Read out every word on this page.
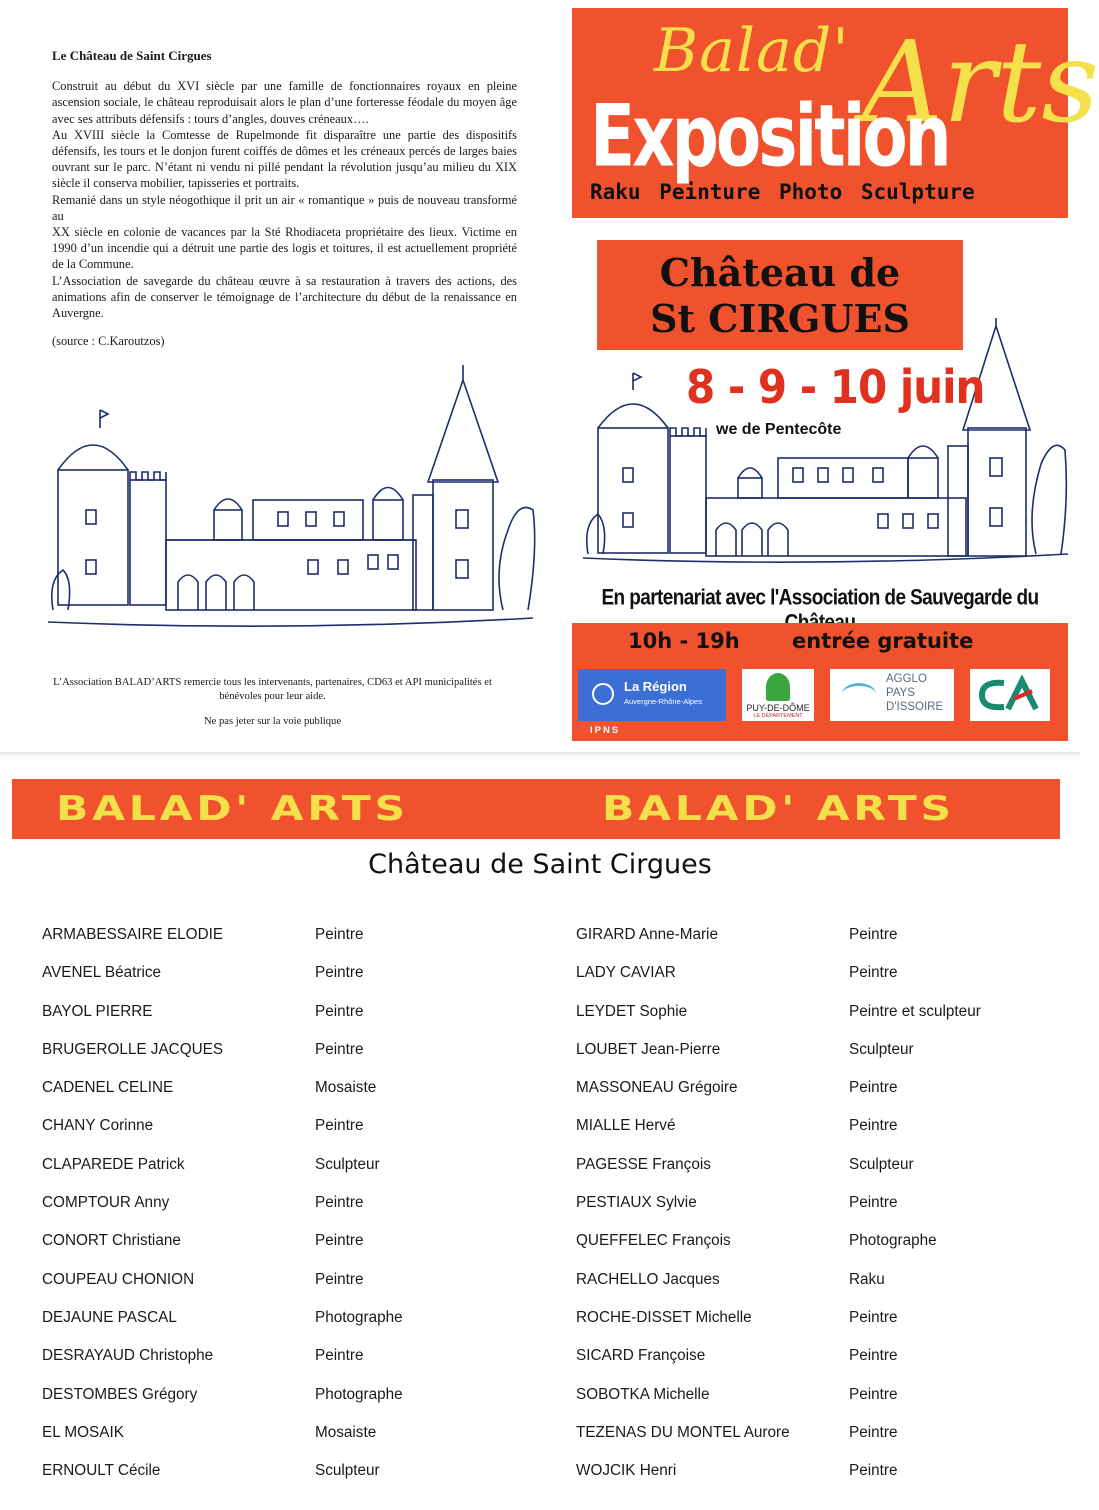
Le Château de Saint Cirgues

Construit au début du XVI siècle par une famille de fonctionnaires royaux en pleine ascension sociale, le château reproduisait alors le plan d’une forteresse féodale du moyen âge avec ses attributs défensifs : tours d’angles, douves créneaux….

Au XVIII siècle la Comtesse de Rupelmonde fit disparaître une partie des dispositifs défensifs, les tours et le donjon furent coiffés de dômes et les créneaux percés de larges baies ouvrant sur le parc. N’étant ni vendu ni pillé pendant la révolution jusqu’au milieu du XIX siècle il conserva mobilier, tapisseries et portraits.

Remanié dans un style néogothique il prit un air « romantique » puis de nouveau transformé au

XX siècle en colonie de vacances par la Sté Rhodiaceta propriétaire des lieux. Victime en 1990 d’un incendie qui a détruit une partie des logis et toitures, il est actuellement propriété de la Commune.

L’Association de savegarde du château œuvre à sa restauration à travers des actions, des animations afin de conserver le témoignage de l’architecture du début de la renaissance en Auvergne.

(source : C.Karoutzos)
L’Association BALAD’ARTS remercie tous les intervenants, partenaires, CD63 et API municipalités et bénévoles pour leur aide.
Ne pas jeter sur la voie publique
Balad' Arts
Exposition
Raku Peinture Photo Sculpture
Château de
St CIRGUES
8 - 9 - 10 juin
we de Pentecôte
En partenariat avec l'Association de Sauvegarde du
10h - 19h entrée gratuite
La Région
Auvergne-Rhône-Alpes
PUY-DE-DÔME
LE DÉPARTEMENT
AGGLO
PAYS
D'ISSOIRE
IPNS
BALAD' ARTS	BALAD' ARTS
Château de Saint Cirgues
ARMABESSAIRE ELODIE	Peintre
AVENEL Béatrice	Peintre
BAYOL PIERRE	Peintre
BRUGEROLLE JACQUES	Peintre
CADENEL CELINE	Mosaiste
CHANY Corinne	Peintre
CLAPAREDE Patrick	Sculpteur
COMPTOUR Anny	Peintre
CONORT Christiane	Peintre
COUPEAU CHONION	Peintre
DEJAUNE PASCAL	Photographe
DESRAYAUD Christophe	Peintre
DESTOMBES Grégory	Photographe
EL MOSAIK	Mosaiste
ERNOULT Cécile	Sculpteur
GIRARD Anne-Marie	Peintre
LADY CAVIAR	Peintre
LEYDET Sophie	Peintre et sculpteur
LOUBET Jean-Pierre	Sculpteur
MASSONEAU Grégoire	Peintre
MIALLE Hervé	Peintre
PAGESSE François	Sculpteur
PESTIAUX Sylvie	Peintre
QUEFFELEC François	Photographe
RACHELLO Jacques	Raku
ROCHE-DISSET Michelle	Peintre
SICARD Françoise	Peintre
SOBOTKA Michelle	Peintre
TEZENAS DU MONTEL Aurore	Peintre
WOJCIK Henri	Peintre
